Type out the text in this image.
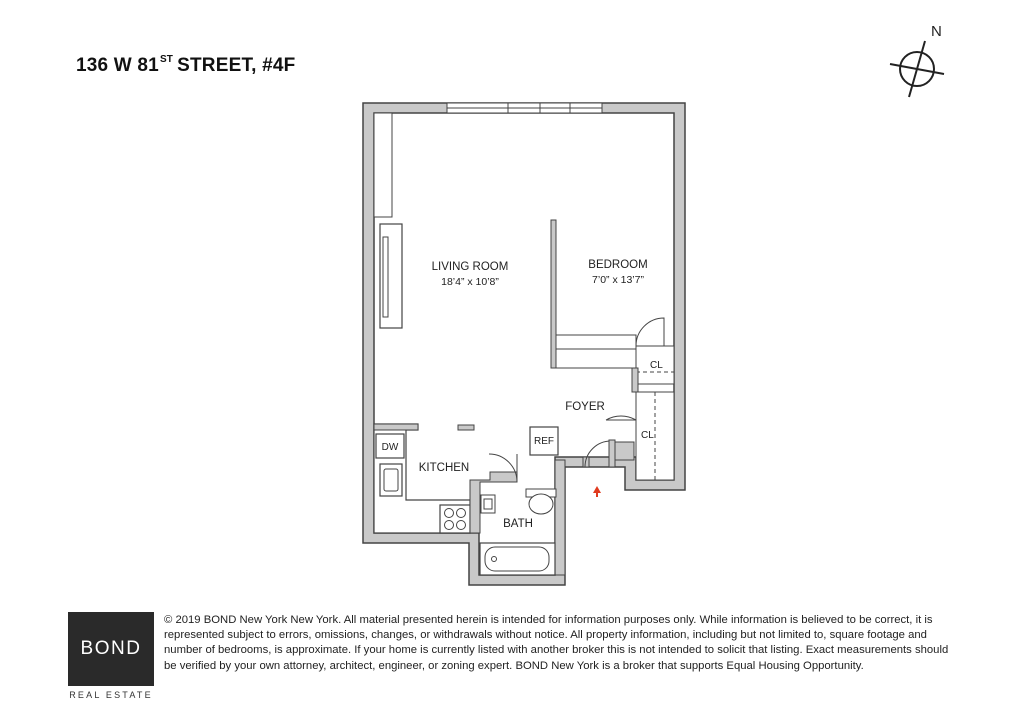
136 W 81ST STREET, #4F
N
CL
CL
DW
REF
LIVING ROOM
18’4” x 10’8”
BEDROOM
7’0” x 13’7”
FOYER
KITCHEN
BATH
BOND
REAL ESTATE
© 2019 BOND New York New York. All material presented herein is intended for information purposes only. While information is believed to be correct, it is represented subject to errors, omissions, changes, or withdrawals without notice. All property information, including but not limited to, square footage and number of bedrooms, is approximate. If your home is currently listed with another broker this is not intended to solicit that listing. Exact measurements should be verified by your own attorney, architect, engineer, or zoning expert. BOND New York is a broker that supports Equal Housing Opportunity.
